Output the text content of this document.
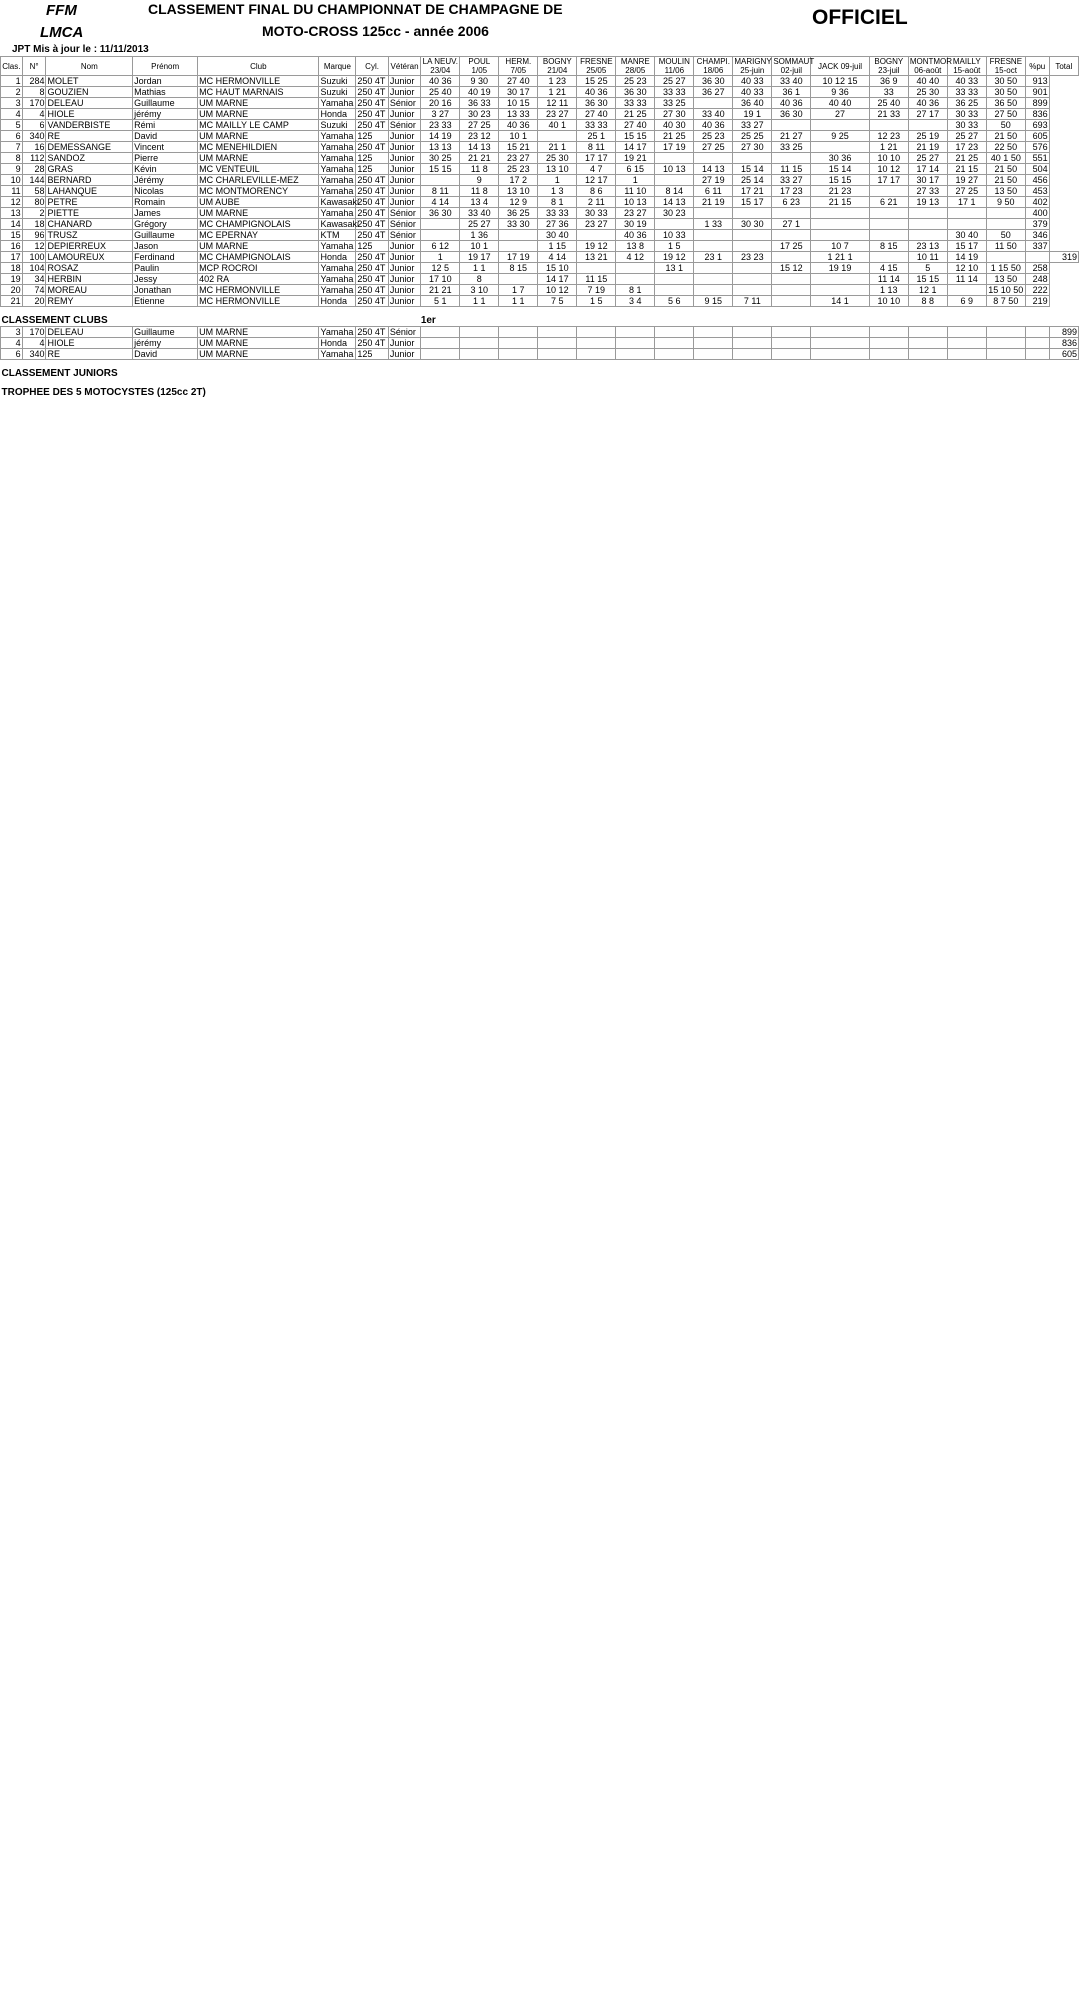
FFM
LMCA
CLASSEMENT FINAL DU CHAMPIONNAT DE CHAMPAGNE DE
MOTO-CROSS 125cc - année 2006
OFFICIEL
JPT Mis à jour le : 11/11/2013
Clas.	N°	Nom	Prénom	Club	Marque	Cyl.	Vétéran	LA NEUV. 23/04	POUL 1/05	HERM. 7/05	BOGNY 21/04	FRESNE 25/05	MANRE 28/05	MOULIN 11/06	CHAMPI. 18/06	MARIGNY 25-juin	SOMMAUT 02-juil	JACK 09-juil	BOGNY 23-juil	MONTMOR 06-août	MAILLY 15-août	FRESNE 15-oct	%pu	Total
1	284	MOLET	Jordan	MC HERMONVILLE	Suzuki	250 4T	Junior	40 36	9 30	27 40	1 23	15 25	25 23	25 27	36 30	40 33	33 40	10 12 15	36 9	40 40	40 33	30 50	913	
2	8	GOUZIEN	Mathias	MC HAUT MARNAIS	Suzuki	250 4T	Junior	25 40	40 19	30 17	1 21	40 36	36 30	33 33	36 27	40 33	36 1	9 36	33	25 30	33 33	30 50	901	
3	170	DELEAU	Guillaume	UM MARNE	Yamaha	250 4T	Sénior	20 16	36 33	10 15	12 11	36 30	33 33	33 25		36 40	40 36	40 40	25 40	40 36	36 25	36 50	899	
4	4	HIOLE	jérémy	UM MARNE	Honda	250 4T	Junior	3 27	30 23	13 33	23 27	27 40	21 25	27 30	33 40	19 1	36 30	27	21 33	27 17	30 33	27 50	836	
5	6	VANDERBISTE	Rémi	MC MAILLY LE CAMP	Suzuki	250 4T	Sénior	23 33	27 25	40 36	40 1	33 33	27 40	40 30	40 36	33 27					30 33	50	693	
6	340	RE	David	UM MARNE	Yamaha	125	Junior	14 19	23 12	10 1		25 1	15 15	21 25	25 23	25 25	21 27	9 25	12 23	25 19	25 27	21 50	605	
7	16	DEMESSANGE	Vincent	MC MENEHILDIEN	Yamaha	250 4T	Junior	13 13	14 13	15 21	21 1	8 11	14 17	17 19	27 25	27 30	33 25		1 21	21 19	17 23	22 50	576	
8	112	SANDOZ	Pierre	UM MARNE	Yamaha	125	Junior	30 25	21 21	23 27	25 30	17 17	19 21					30 36	10 10	25 27	21 25	40 1 50	551	
9	28	GRAS	Kévin	MC VENTEUIL	Yamaha	125	Junior	15 15	11 8	25 23	13 10	4 7	6 15	10 13	14 13	15 14	11 15	15 14	10 12	17 14	21 15	21 50	504	
10	144	BERNARD	Jérémy	MC CHARLEVILLE-MEZ	Yamaha	250 4T	Junior		9	17 2	1	12 17	1		27 19	25 14	33 27	15 15	17 17	30 17	19 27	21 50	456	
11	58	LAHANQUE	Nicolas	MC MONTMORENCY	Yamaha	250 4T	Junior	8 11	11 8	13 10	1 3	8 6	11 10	8 14	6 11	17 21	17 23	21 23		27 33	27 25	13 50	453	
12	80	PETRE	Romain	UM AUBE	Kawasaki	250 4T	Junior	4 14	13 4	12 9	8 1	2 11	10 13	14 13	21 19	15 17	6 23	21 15	6 21	19 13	17 1	9 50	402	
13	2	PIETTE	James	UM MARNE	Yamaha	250 4T	Sénior	36 30	33 40	36 25	33 33	30 33	23 27	30 23									400	
14	18	CHANARD	Grégory	MC CHAMPIGNOLAIS	Kawasaki	250 4T	Sénior		25 27	33 30	27 36	23 27	30 19		1 33	30 30	27 1						379	
15	96	TRUSZ	Guillaume	MC EPERNAY	KTM	250 4T	Sénior		1 36		30 40		40 36	10 33							30 40	50	346	
16	12	DEPIERREUX	Jason	UM MARNE	Yamaha	125	Junior	6 12	10 1		1 15	19 12	13 8	1 5			17 25	10 7	8 15	23 13	15 17	11 50	337	
17	100	LAMOUREUX	Ferdinand	MC CHAMPIGNOLAIS	Honda	250 4T	Junior	1	19 17	17 19	4 14	13 21	4 12	19 12	23 1	23 23		1 21 1		10 11	14 19			319
18	104	ROSAZ	Paulin	MCP ROCROI	Yamaha	250 4T	Junior	12 5	1 1	8 15	15 10			13 1			15 12	19 19	4 15	5	12 10	1 15 50	258	
19	34	HERBIN	Jessy	402 RA	Yamaha	250 4T	Junior	17 10	8		14 17	11 15							11 14	15 15	11 14	13 50	248	
20	74	MOREAU	Jonathan	MC HERMONVILLE	Yamaha	250 4T	Junior	21 21	3 10	1 7	10 12	7 19	8 1						1 13	12 1		15 10 50	222	
21	20	REMY	Etienne	MC HERMONVILLE	Honda	250 4T	Junior	5 1	1 1	1 1	7 5	1 5	3 4	5 6	9 15	7 11		14 1	10 10	8 8	6 9	8 7 50	219	

CLASSEMENT CLUBS								1er																
3	170	DELEAU	Guillaume	UM MARNE	Yamaha	250 4T	Sénior																	899
4	4	HIOLE	jérémy	UM MARNE	Honda	250 4T	Junior																	836
6	340	RE	David	UM MARNE	Yamaha	125	Junior																	605

CLASSEMENT JUNIORS																								

TROPHEE DES 5 MOTOCYSTES (125cc 2T)																								
